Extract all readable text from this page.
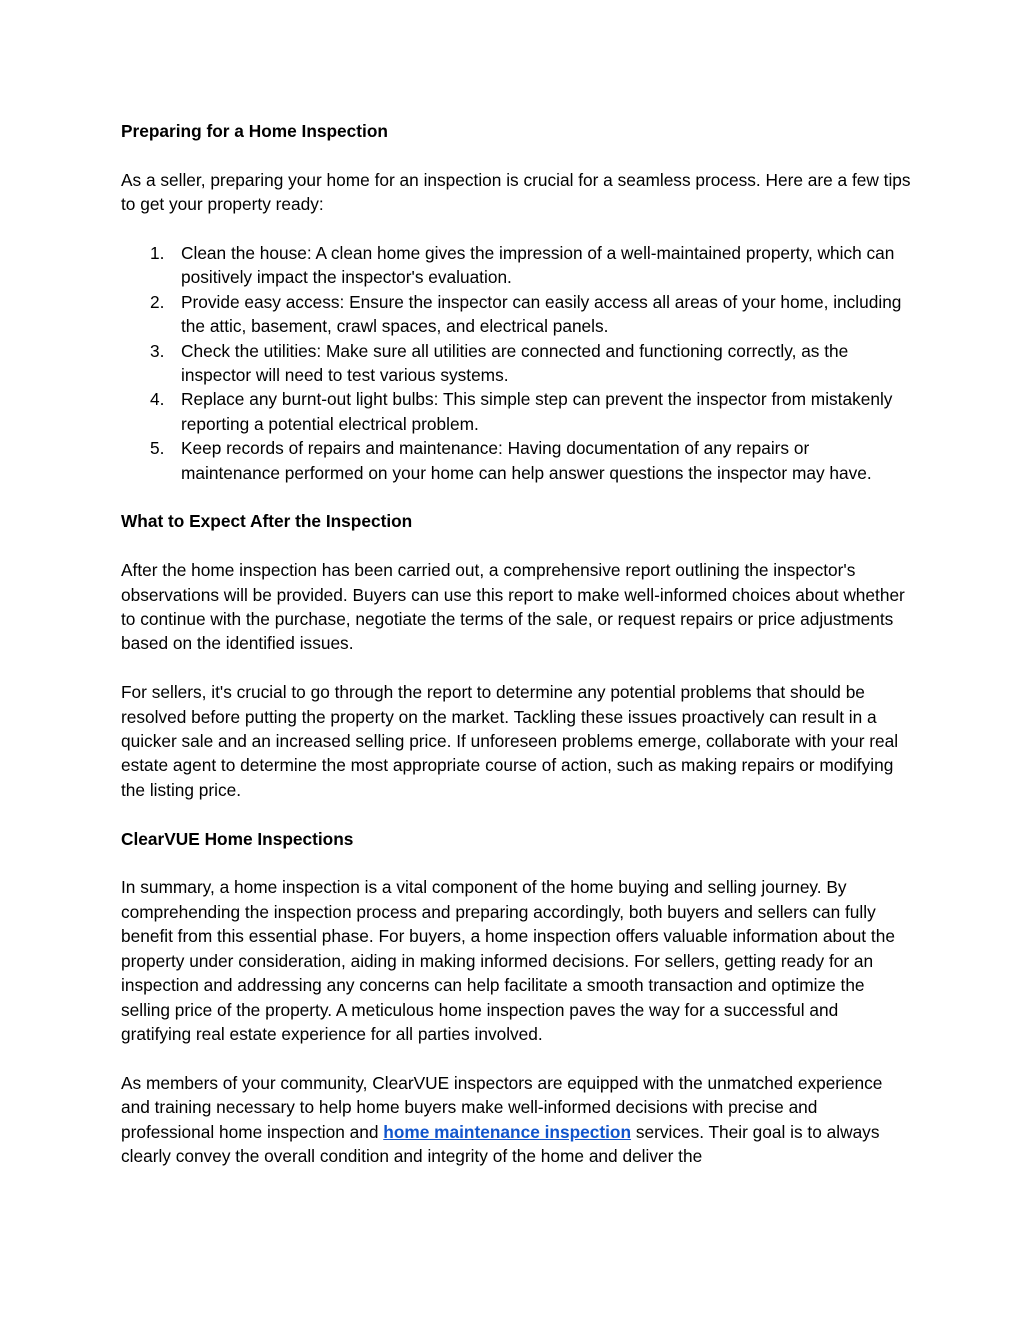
Preparing for a Home Inspection

As a seller, preparing your home for an inspection is crucial for a seamless process. Here are a few tips to get your property ready:

1. Clean the house: A clean home gives the impression of a well-maintained property, which can positively impact the inspector's evaluation.
2. Provide easy access: Ensure the inspector can easily access all areas of your home, including the attic, basement, crawl spaces, and electrical panels.
3. Check the utilities: Make sure all utilities are connected and functioning correctly, as the inspector will need to test various systems.
4. Replace any burnt-out light bulbs: This simple step can prevent the inspector from mistakenly reporting a potential electrical problem.
5. Keep records of repairs and maintenance: Having documentation of any repairs or maintenance performed on your home can help answer questions the inspector may have.
What to Expect After the Inspection

After the home inspection has been carried out, a comprehensive report outlining the inspector's observations will be provided. Buyers can use this report to make well-informed choices about whether to continue with the purchase, negotiate the terms of the sale, or request repairs or price adjustments based on the identified issues.

For sellers, it's crucial to go through the report to determine any potential problems that should be resolved before putting the property on the market. Tackling these issues proactively can result in a quicker sale and an increased selling price. If unforeseen problems emerge, collaborate with your real estate agent to determine the most appropriate course of action, such as making repairs or modifying the listing price.

ClearVUE Home Inspections

In summary, a home inspection is a vital component of the home buying and selling journey. By comprehending the inspection process and preparing accordingly, both buyers and sellers can fully benefit from this essential phase. For buyers, a home inspection offers valuable information about the property under consideration, aiding in making informed decisions. For sellers, getting ready for an inspection and addressing any concerns can help facilitate a smooth transaction and optimize the selling price of the property. A meticulous home inspection paves the way for a successful and gratifying real estate experience for all parties involved.

As members of your community, ClearVUE inspectors are equipped with the unmatched experience and training necessary to help home buyers make well-informed decisions with precise and professional home inspection and home maintenance inspection services. Their goal is to always clearly convey the overall condition and integrity of the home and deliver the
